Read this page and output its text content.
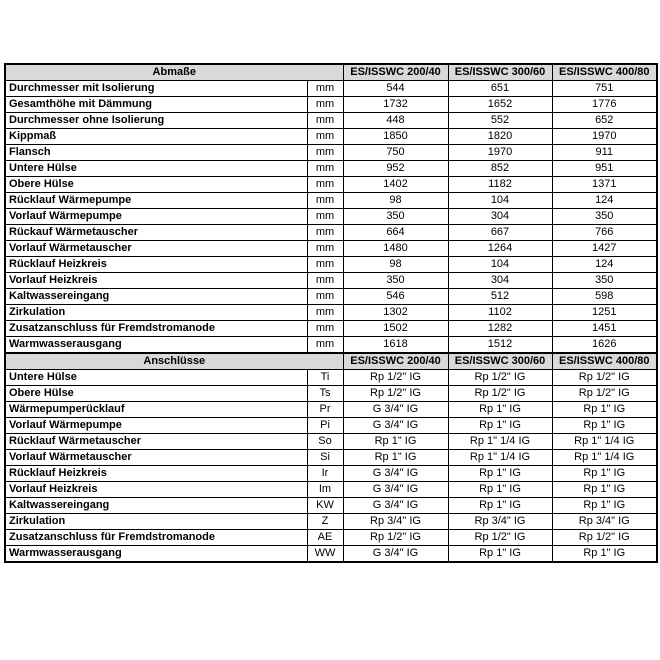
Abmaße		ES/ISSWC 200/40	ES/ISSWC 300/60	ES/ISSWC 400/80
Durchmesser mit Isolierung	mm	544	651	751
Gesamthöhe mit Dämmung	mm	1732	1652	1776
Durchmesser ohne Isolierung	mm	448	552	652
Kippmaß	mm	1850	1820	1970
Flansch	mm	750	1970	911
Untere Hülse	mm	952	852	951
Obere Hülse	mm	1402	1182	1371
Rücklauf Wärmepumpe	mm	98	104	124
Vorlauf Wärmepumpe	mm	350	304	350
Rückauf Wärmetauscher	mm	664	667	766
Vorlauf Wärmetauscher	mm	1480	1264	1427
Rücklauf Heizkreis	mm	98	104	124
Vorlauf Heizkreis	mm	350	304	350
Kaltwassereingang	mm	546	512	598
Zirkulation	mm	1302	1102	1251
Zusatzanschluss für Fremdstromanode	mm	1502	1282	1451
Warmwasserausgang	mm	1618	1512	1626
Anschlüsse		ES/ISSWC 200/40	ES/ISSWC 300/60	ES/ISSWC 400/80
Untere Hülse	Ti	Rp 1/2" IG	Rp 1/2" IG	Rp 1/2" IG
Obere Hülse	Ts	Rp 1/2" IG	Rp 1/2" IG	Rp 1/2" IG
Wärmepumperücklauf	Pr	G 3/4" IG	Rp 1" IG	Rp 1" IG
Vorlauf Wärmepumpe	Pi	G 3/4" IG	Rp 1" IG	Rp 1" IG
Rücklauf Wärmetauscher	So	Rp 1" IG	Rp 1" 1/4 IG	Rp 1" 1/4 IG
Vorlauf Wärmetauscher	Si	Rp 1" IG	Rp 1" 1/4 IG	Rp 1" 1/4 IG
Rücklauf Heizkreis	Ir	G 3/4" IG	Rp 1" IG	Rp 1" IG
Vorlauf Heizkreis	Im	G 3/4" IG	Rp 1" IG	Rp 1" IG
Kaltwassereingang	KW	G 3/4" IG	Rp 1" IG	Rp 1" IG
Zirkulation	Z	Rp 3/4" IG	Rp 3/4" IG	Rp 3/4" IG
Zusatzanschluss für Fremdstromanode	AE	Rp 1/2" IG	Rp 1/2" IG	Rp 1/2" IG
Warmwasserausgang	WW	G 3/4" IG	Rp 1" IG	Rp 1" IG
